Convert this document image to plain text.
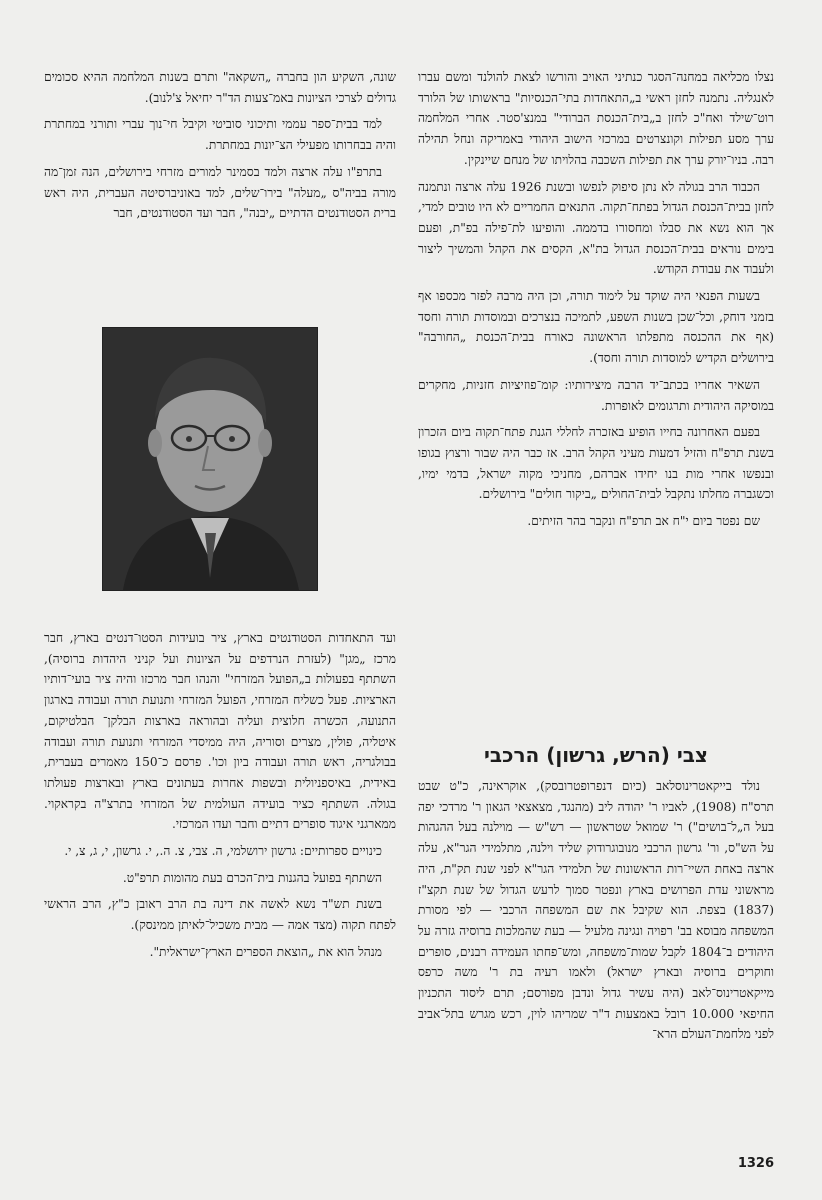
נצלו מכליאה במחנה־הסגר כנתיני האויב והורשו לצאת להולנד ומשם עברו לאנגליה. נתמנה לחזן ראשי ב„התאחדות בתי־הכנסיות" בראשותו של הלורד רוט־שילד ואח"כ לחזן ב„בית־הכנסת הברודי" במנצ'סטר. אחרי המלחמה ערך מסע תפילות וקונצרטים במרכזי הישוב היהודי באמריקה ונחל תהילה רבה. בניו־יורק ערך את תפילות השכבה בהלויתו של מנחם שיינקין.

הכבוד הרב בגולה לא נתן סיפוק לנפשו ובשנת 1926 עלה ארצה ונתמנה לחזן בבית־הכנסת הגדול בפתח־תקוה. התנאים החמריים לא היו טובים למדי, אך הוא נשא את סבלו ומחסורו בדממה. והופיעו לת־פילה בפ"ת, ופעם בימים נוראים בבית־הכנסת הגדול בת"א, הקסים את הקהל והמשיך ליצור ולעבוד את עבודת הקודש.

בשעות הפנאי היה שוקד על לימוד תורה, וכן היה מרבה לפזר מכספו אף בזמני דוחק, וכל־שכן בשנות השפע, לתמיכה בנצרכים ובמוסדות תורה וחסד (אף את ההכנסה מתפלתו הראשונה כאורח בבית־הכנסת „החורבה" בירושלים הקדיש למוסדות תורה וחסד).

השאיר אחריו בכתב־יד הרבה מיצירותיו: קומ־פוזיציות חזניות, מחקרים במוסיקה היהודית ותרגומים לאופרות.

בפעם האחרונה בחייו הופיע באזכרה לחללי הגנת פתח־תקוה ביום הזכרון בשנת תרפ"ח והזיל דמעות מעיני הקהל הרב. אז כבר היה שבור ורצוץ בגופו ובנפשו אחרי מות בנו יחידו אברהם, מחניכי מקוה ישראל, בדמי ימיו, וכשגברה מחלתו נתקבל לבית־החולים „ביקור חולים" בירושלים.

שם נפטר ביום י"ח אב תרפ"ח ונקבר בהר הזיתים.

צבי (הרש, גרשון) הרכבי

נולד בייקאטרינוסלאב (כיום דנפרופטרובסק), אוקראינה, כ"ט שבט תרס"ח (1908), לאביו ר' יהודה ליב (מהנגד, מצאצאי הגאון ר' מרדכי יפה בעל ה„ל־בושים") ר' שמואל שטראשון — רש"ש — מוילנה בעל ההגהות על הש"ס, ור' גרשון הרכבי מנובוגרודוק שליד וילנה, מתלמידי הגר"א, עלה ארצה באחת השיי־רות הראשונות של תלמידי הגר"א לפני שנת תק"ת, היה מראשוני עדת הפרושים בארץ ונפטר סמוך לרעש הגדול של שנת תקצ"ז (1837) בצפת. הוא שקיבל את שם המשפחה הרכבי — לפי מסורת המשפחה מבוסא בב' רפויה ונגינה מלעיל — בעת שהמלכות ברוסיה גזרה על היהודים ב־1804 לקבל שמות־משפחה, ומש־פחתו העמידה רבנים, סופרים וחוקרים ברוסיה ובארץ ישראל) ולאמו רעיה בת ר' משה כרפס מייקאטרינוס־לאב (היה עשיר גדול ונדבן מפורסם; תרם ליסוד התכניון החיפאי 10.000 רובל באמצעות ד"ר שמריהו לוין, רכש מגרש בתל־אביב לפני מלחמת־העולם הרא־

שונה, השקיע הון בחברה „השקאה" ותרם בשנות המלחמה ההיא סכומים גדולים לצרכי הציונות באמ־צעות הד"ר יחיאל צ'לנוב).

למד בבית־ספר עממי ותיכוני סוביטי וקיבל חי־נוך עברי ותורני במחתרת והיה בבחרותו מפעילי הצ־יונות במחתרת.

בתרפ"ו עלה ארצה ולמד בסמינר למורים מזרחי בירושלים, הנה זמן־מה מורה בביה"ס „מעלה" בירו־שלים, למד באוניברסיטה העברית, היה ראש ברית הסטודנטים הדתיים „יבנה", חבר ועד הסטודנטים, חבר

ועד התאחדות הסטודנטים בארץ, ציר בועידות הסטו־דנטים בארץ, חבר מרכז „מגן" (לעזרת הנרדפים על הציונות ועל קניני היהדות ברוסיה), השתתף בפעולות ב„הפועל המזרחי" והנהו חבר מרכזו והיה ציר בועי־דותיו הארציות. פעל כשליח המזרחי, הפועל המזרחי ותנועת תורה ועבודה בארגון התנועה, הכשרה חלוצית ועליה ובהוראה בארצות הבלקן־ הבלטיקום, איטליה, פולין, מצרים וסוריה, היה ממיסדי המזרחי ותנועת תורה ועבודה בבולגריה, ראש תורה ועבודה ביון וכו'. פרסם כ־150 מאמרים בעברית, באידית, באיספניולית ובשפות אחרות בעתונים בארץ ובארצות פעולתו בגולה. השתתף כציר בועידה העולמית של המזרחי בתרצ"ה בקראקוי. ממארגני איגוד סופרים דתיים וחבר ועדו המרכזי.

כינויים ספרותיים: גרשון ירושלמי, ה. צבי, צ. ה., י. גרשון, י, ג, צ, י.

השתתף בפועל בהגנות בית־הכרם בעת מהומות תרפ"ט.

בשנת תש"ד נשא לאשה את דינה בת הרב ראובן כ"ץ, הרב הראשי לפתח תקוה (מצד אמה — מבית משכיל־לאיתן ממינסק).

מנהל הוא את „הוצאת הספרים הארץ־ישראלית".

1326
